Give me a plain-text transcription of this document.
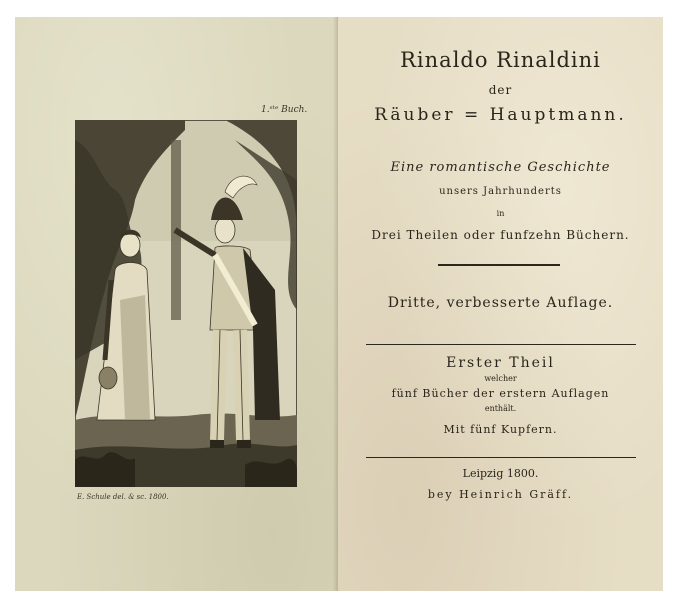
1.ˢᵗᵉ Buch.
E. Schule del. & sc. 1800.
Rinaldo Rinaldini
der
Räuber = Hauptmann.
Eine romantische Geschichte
unsers Jahrhunderts
in
Drei Theilen oder funfzehn Büchern.
Dritte, verbesserte Auflage.
Erster Theil
welcher
fünf Bücher der erstern Auflagen
enthält.
Mit fünf Kupfern.
Leipzig 1800.
bey Heinrich Gräff.
